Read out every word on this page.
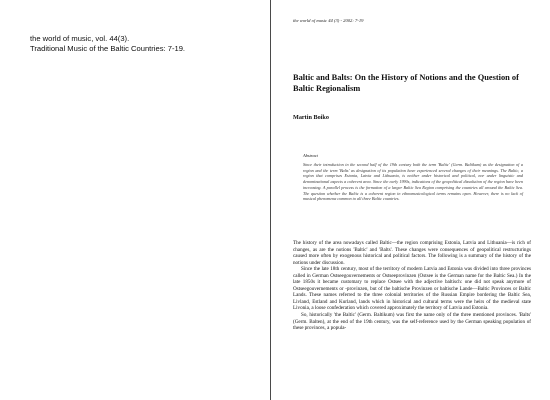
the world of music, vol. 44(3).
Traditional Music of the Baltic Countries: 7-19.
the world of music 44 (3) - 2002: 7-19
Baltic and Balts: On the History of Notions and the Question of Baltic Regionalism
Martin Boiko
Abstract
Since their introduction in the second half of the 19th century both the term 'Baltic' (Germ. Baltikum) as the designation of a region and the term 'Balts' as designation of its population have experienced several changes of their meanings. The Baltic, a region that comprises Estonia, Latvia and Lithuania, is neither under historical and political, nor under linguistic and denominational aspects a coherent area. Since the early 1990s, indications of the geopolitical dissolution of the region have been increasing. A parallel process is the formation of a larger Baltic Sea Region comprising the countries all around the Baltic Sea. The question whether the Baltic is a coherent region in ethnomusicological terms remains open. However, there is no lack of musical phenomena common to all three Baltic countries.

The history of the area nowadays called Baltic—the region comprising Estonia, Latvia and Lithuania—is rich of changes, as are the notions 'Baltic' and 'Balts'. These changes were consequences of geopolitical restructurings caused more often by exogenous historical and political factors. The following is a summary of the history of the notions under discussion.

Since the late 18th century, most of the territory of modern Latvia and Estonia was divided into three provinces called in German Ostseegouvernements or Ostseeprovinzen (Ostsee is the German name for the Baltic Sea.) In the late 1850s it became customary to replace Ostsee with the adjective baltisch: one did not speak anymore of Ostseegouvernements or -provinzen, but of the baltische Provinzen or baltische Lande—Baltic Provinces or Baltic Lands. These names referred to the three colonial territories of the Russian Empire bordering the Baltic Sea, Livland, Estland and Kurland, lands which in historical and cultural terms were the heirs of the medieval state Livonia, a loose confederation which covered approximately the territory of Latvia and Estonia.

So, historically 'the Baltic' (Germ. Baltikum) was first the name only of the three mentioned provinces. 'Balts' (Germ. Balten), at the end of the 19th century, was the self-reference used by the German speaking population of these provinces, a popula-
